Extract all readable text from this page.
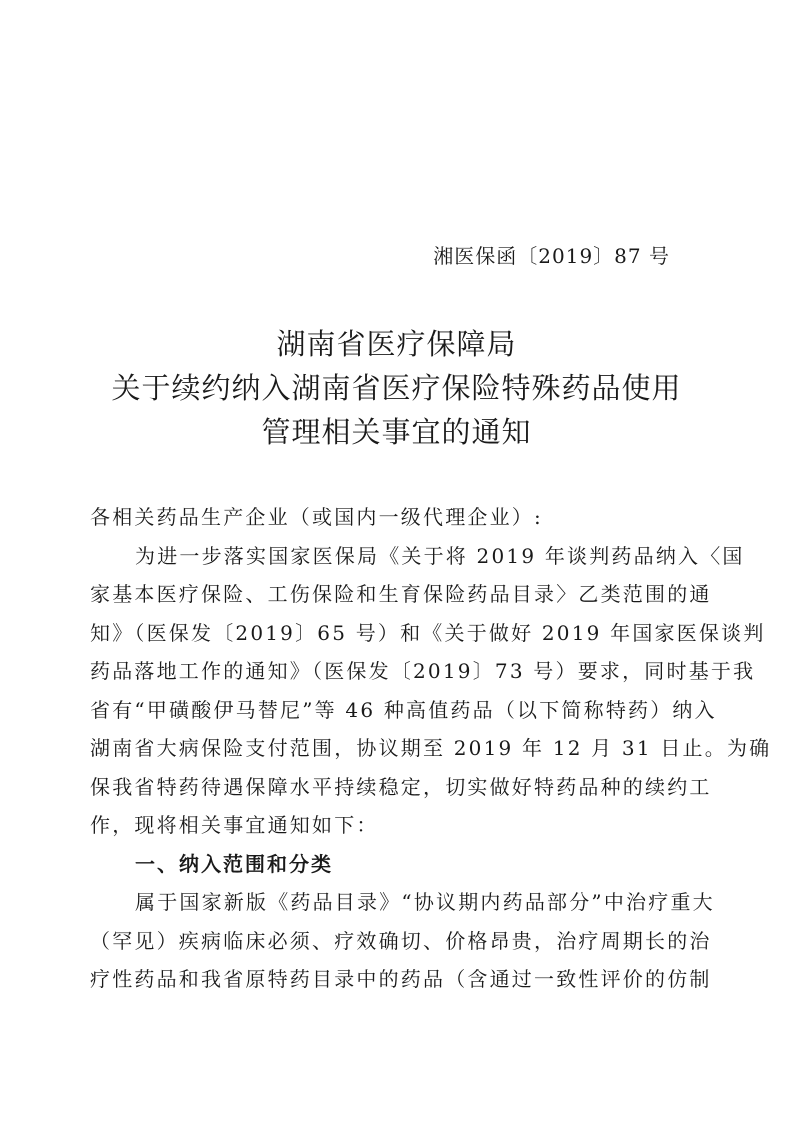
湘医保函〔2019〕87 号
湖南省医疗保障局
关于续约纳入湖南省医疗保险特殊药品使用
管理相关事宜的通知
各相关药品生产企业（或国内一级代理企业）:
为进一步落实国家医保局《关于将 2019 年谈判药品纳入〈国
家基本医疗保险、工伤保险和生育保险药品目录〉乙类范围的通
知》（医保发〔2019〕65 号）和《关于做好 2019 年国家医保谈判
药品落地工作的通知》（医保发〔2019〕73 号）要求，同时基于我
省有“甲磺酸伊马替尼”等 46 种高值药品（以下简称特药）纳入
湖南省大病保险支付范围，协议期至 2019 年 12 月 31 日止。为确
保我省特药待遇保障水平持续稳定，切实做好特药品种的续约工
作，现将相关事宜通知如下：
一、纳入范围和分类
属于国家新版《药品目录》“协议期内药品部分”中治疗重大
（罕见）疾病临床必须、疗效确切、价格昂贵，治疗周期长的治
疗性药品和我省原特药目录中的药品（含通过一致性评价的仿制
